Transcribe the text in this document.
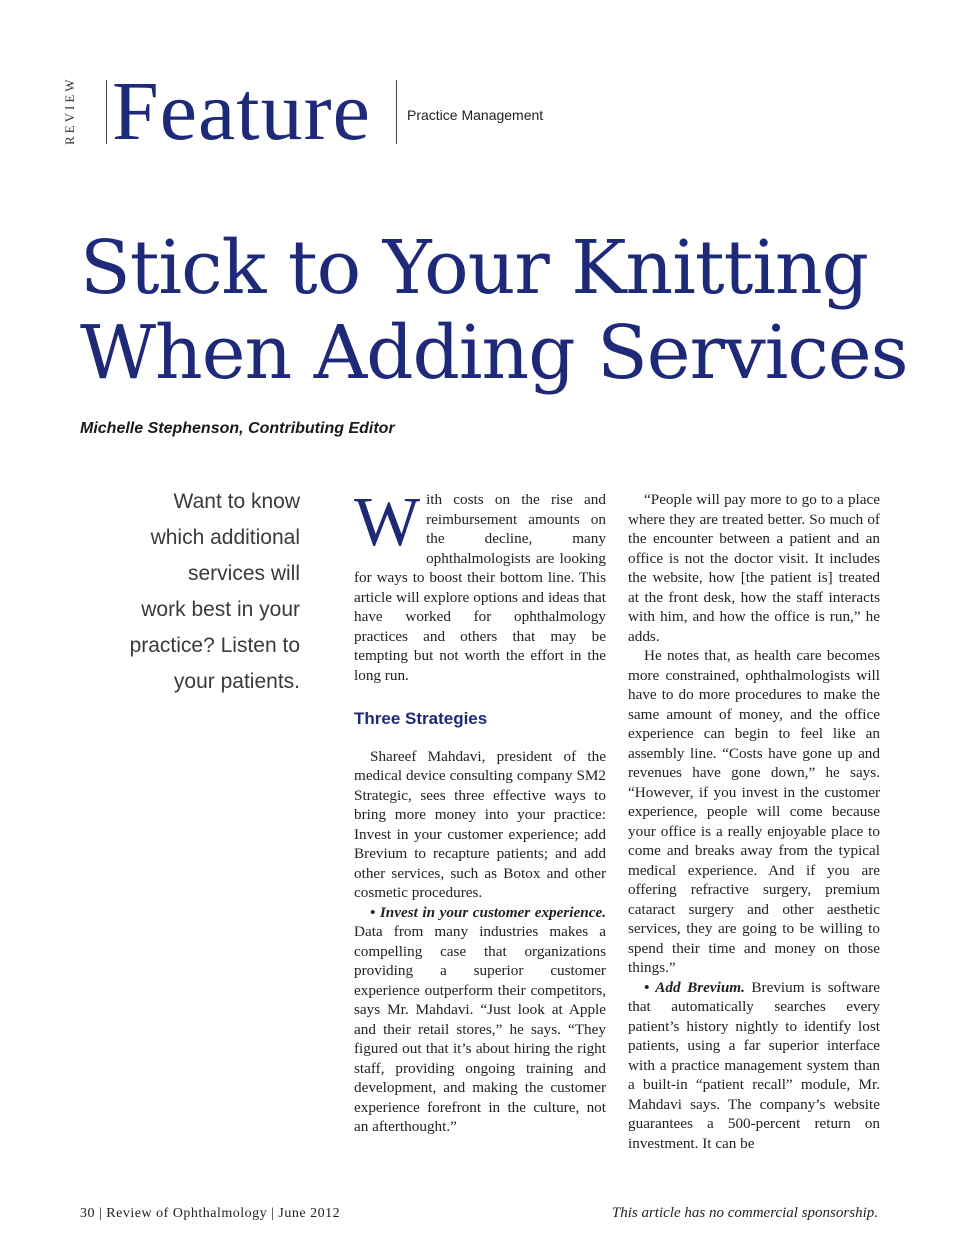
REVIEW Feature	Practice Management
Stick to Your Knitting
When Adding Services
Michelle Stephenson, Contributing Editor
Want to know
which additional
services will
work best in your
practice? Listen to
your patients.

With costs on the rise and reimbursement amounts on the decline, many ophthalmologists are looking for ways to boost their bottom line. This article will explore options and ideas that have worked for ophthalmology practices and others that may be tempting but not worth the effort in the long run.

Three Strategies

Shareef Mahdavi, president of the medical device consulting company SM2 Strategic, sees three effective ways to bring more money into your practice: Invest in your customer experience; add Brevium to recapture patients; and add other services, such as Botox and other cosmetic procedures.

• Invest in your customer experience. Data from many industries makes a compelling case that organizations providing a superior customer experience outperform their competitors, says Mr. Mahdavi. “Just look at Apple and their retail stores,” he says. “They figured out that it’s about hiring the right staff, providing ongoing training and development, and making the customer experience forefront in the culture, not an afterthought.”

“People will pay more to go to a place where they are treated better. So much of the encounter between a patient and an office is not the doctor visit. It includes the website, how [the patient is] treated at the front desk, how the staff interacts with him, and how the office is run,” he adds.

He notes that, as health care becomes more constrained, ophthalmologists will have to do more procedures to make the same amount of money, and the office experience can begin to feel like an assembly line. “Costs have gone up and revenues have gone down,” he says. “However, if you invest in the customer experience, people will come because your office is a really enjoyable place to come and breaks away from the typical medical experience. And if you are offering refractive surgery, premium cataract surgery and other aesthetic services, they are going to be willing to spend their time and money on those things.”

• Add Brevium. Brevium is software that automatically searches every patient’s history nightly to identify lost patients, using a far superior interface with a practice management system than a built-in “patient recall” module, Mr. Mahdavi says. The company’s website guarantees a 500-percent return on investment. It can be

30 | Review of Ophthalmology | June 2012	This article has no commercial sponsorship.
